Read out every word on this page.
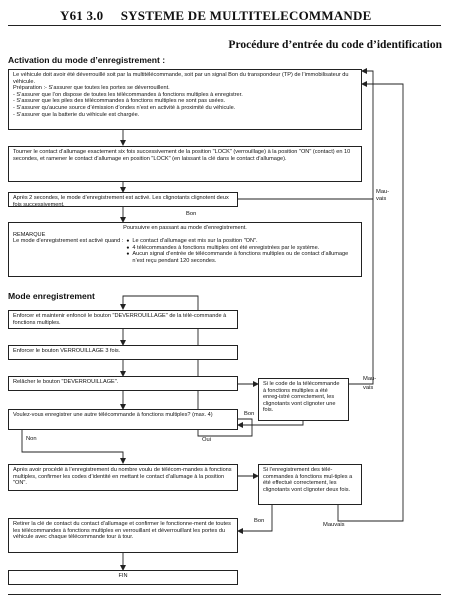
Y61 3.0 SYSTEME DE MULTITELECOMMANDE
Procédure d’entrée du code d’identification
Activation du mode d’enregistrement :
Mode enregistrement

Le véhicule doit avoir été déverrouillé soit par la multitélécommande, soit par un signal Bon du transpondeur (TP) de l’immobilisateur du véhicule.
Préparation :- S’assurer que toutes les portes se déverrouillent.
- S’assurer que l’on dispose de toutes les télécommandes à fonctions multiples à enregistrer.
- S’assurer que les piles des télécommandes à fonctions multiples ne sont pas usées.
- S’assurer qu’aucune source d’émission d’ondes n’est en activité à proximité du véhicule.
- S’assurer que la batterie du véhicule est chargée.

Tourner le contact d’allumage exactement six fois successivement de la position "LOCK" (verrouillage) à la position "ON" (contact) en 10 secondes, et ramener le contact d’allumage en position "LOCK" (en laissant la clé dans le contact d’allumage).

Après 2 secondes, le mode d’enregistrement est activé. Les clignotants clignotent deux fois successivement.

Bon
Mau-
vais

Poursuivre en passant au mode d’enregistrement.

REMARQUE

Le mode d’enregistrement est activé quand :
●	Le contact d’allumage est mis sur la position "ON".
● 4 télécommandes à fonctions multiples ont été enregistrées par le système.
● Aucun signal d’entrée de télécommande à fonctions multiples ou de contact d’allumage n’est reçu pendant 120 secondes.

Enforcer et maintenir enfoncé le bouton "DEVERROUILLAGE" de la télé-commande à fonctions multiples.

Enforcer le bouton VERROUILLAGE 3 fois.

Relâcher le bouton "DEVERROUILLAGE".	Si le code de la télécommande à fonctions multiples a été enreg-istré correctement, les clignotants vont clignoter une fois.

Mau-
vais
Bon

Voulez-vous enregistrer une autre télécommande à fonctions multiples? (max. 4)

Non	Oui

Après avoir procédé à l’enregistrement du nombre voulu de télécom-mandes à fonctions multiples, confirmer les codes d’identité en mettant le contact d’allumage à la position "ON".

Si l’enregistrement des télé-commandes à fonctions mul-tiples a été effectué correctement, les clignotants vont clignoter deux fois.

Bon
Mauvais

Retirer la clé de contact du contact d’allumage et confirmer le fonctionne-ment de toutes les télécommandes à fonctions multiples en verrouillant et déverrouillant les portes du véhicule avec chaque télécommande tour à tour.

FIN
